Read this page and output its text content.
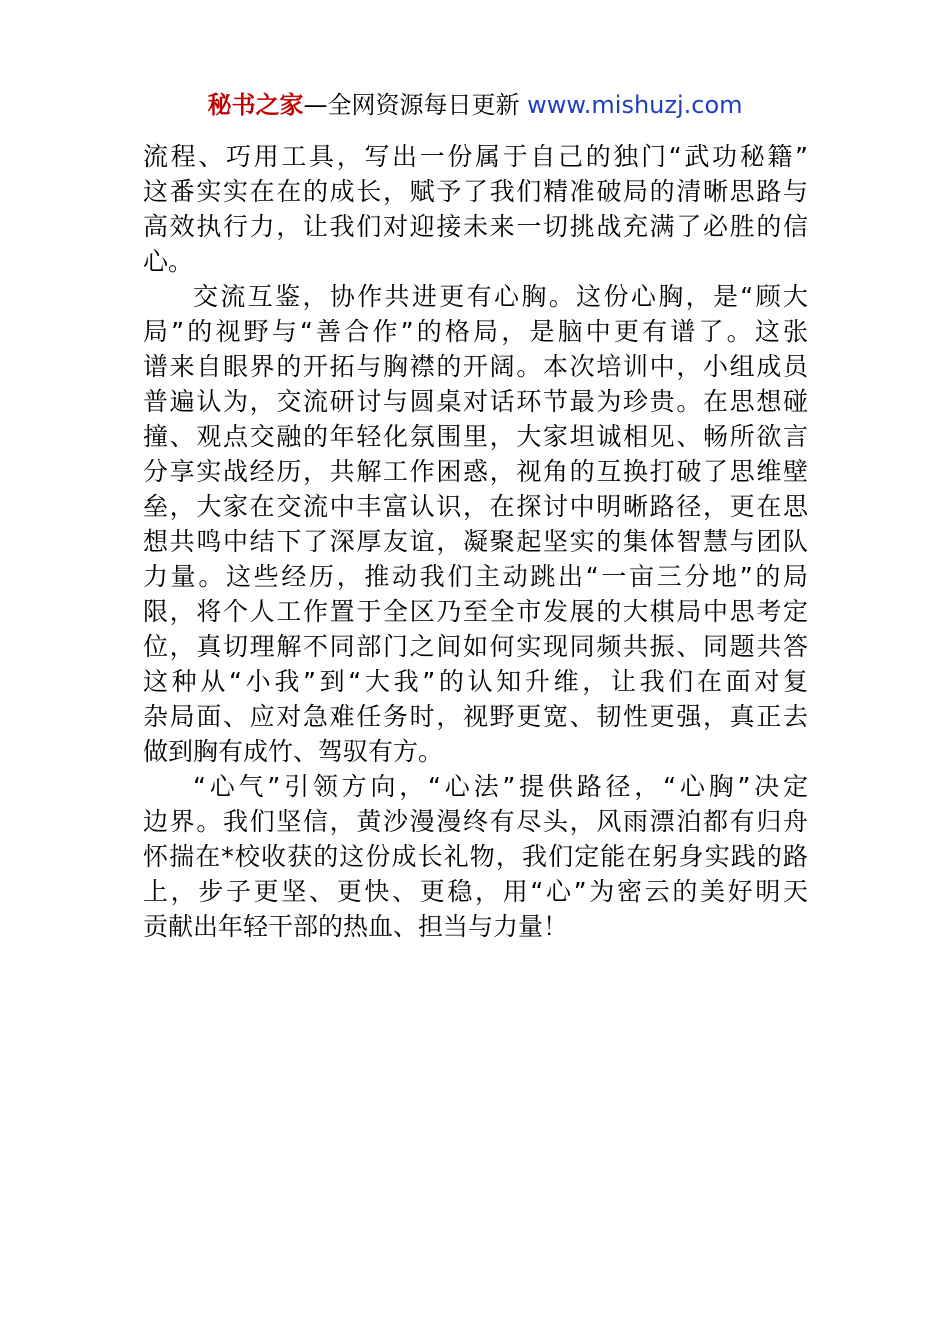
秘书之家—全网资源每日更新 www.mishuzj.com
流程、巧用工具，写出一份属于自己的独门“武功秘籍”
这番实实在在的成长，赋予了我们精准破局的清晰思路与
高效执行力，让我们对迎接未来一切挑战充满了必胜的信
心。
交流互鉴，协作共进更有心胸。这份心胸，是“顾大
局”的视野与“善合作”的格局，是脑中更有谱了。这张
谱来自眼界的开拓与胸襟的开阔。本次培训中，小组成员
普遍认为，交流研讨与圆桌对话环节最为珍贵。在思想碰
撞、观点交融的年轻化氛围里，大家坦诚相见、畅所欲言
分享实战经历，共解工作困惑，视角的互换打破了思维壁
垒，大家在交流中丰富认识，在探讨中明晰路径，更在思
想共鸣中结下了深厚友谊，凝聚起坚实的集体智慧与团队
力量。这些经历，推动我们主动跳出“一亩三分地”的局
限，将个人工作置于全区乃至全市发展的大棋局中思考定
位，真切理解不同部门之间如何实现同频共振、同题共答
这种从“小我”到“大我”的认知升维，让我们在面对复
杂局面、应对急难任务时，视野更宽、韧性更强，真正去
做到胸有成竹、驾驭有方。
“心气”引领方向，“心法”提供路径，“心胸”决定
边界。我们坚信，黄沙漫漫终有尽头，风雨漂泊都有归舟
怀揣在*校收获的这份成长礼物，我们定能在躬身实践的路
上，步子更坚、更快、更稳，用“心”为密云的美好明天
贡献出年轻干部的热血、担当与力量！
